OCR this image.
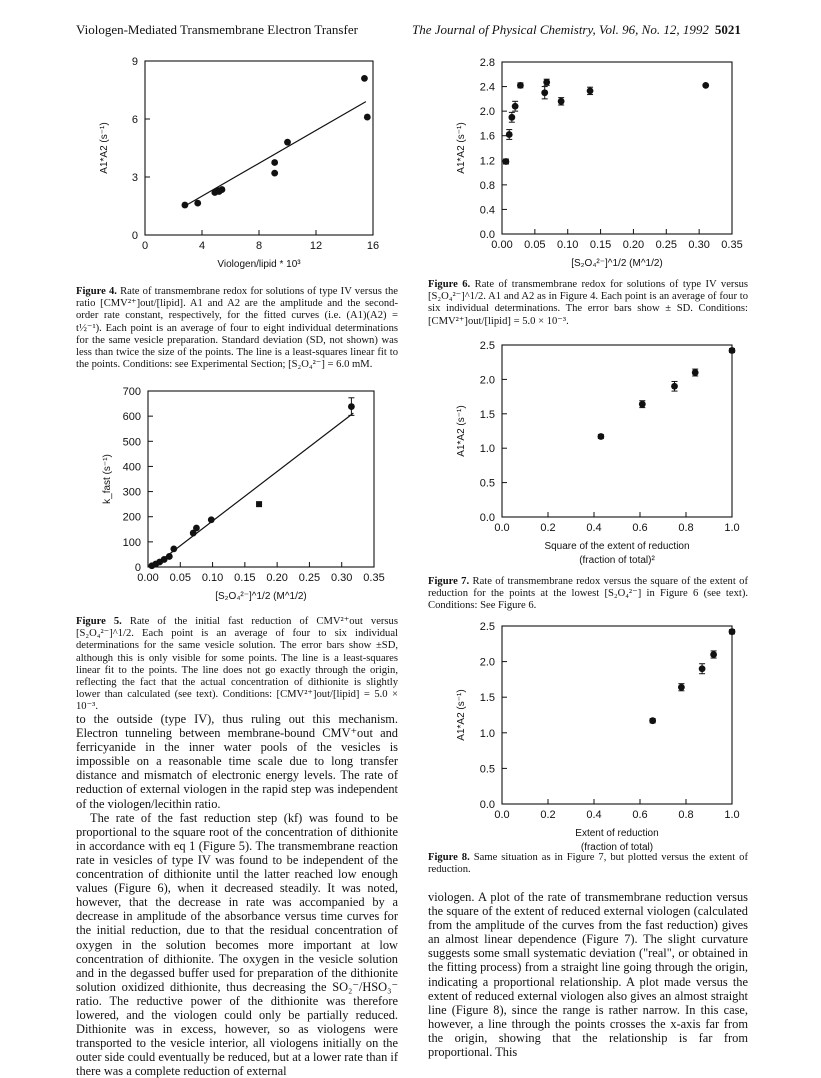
Viologen-Mediated Transmembrane Electron Transfer	The Journal of Physical Chemistry, Vol. 96, No. 12, 1992 5021
0	4	8	12	16
0
3
6
9
Viologen/lipid * 10³
A1*A2 (s⁻¹)
Figure 4. Rate of transmembrane redox for solutions of type IV versus the ratio [CMV²⁺]out/[lipid]. A1 and A2 are the amplitude and the second-order rate constant, respectively, for the fitted curves (i.e. (A1)(A2) = t½⁻¹). Each point is an average of four to eight individual determinations for the same vesicle preparation. Standard deviation (SD, not shown) was less than twice the size of the points. The line is a least-squares linear fit to the points. Conditions: see Experimental Section; [S₂O₄²⁻] = 6.0 mM.
0.00 0.05 0.10 0.15 0.20 0.25 0.30 0.35
0
100
200
300
400
500
600
700
[S₂O₄²⁻]^1/2 (M^1/2)
k_fast (s⁻¹)
Figure 5. Rate of the initial fast reduction of CMV²⁺out versus [S₂O₄²⁻]^1/2. Each point is an average of four to six individual determinations for the same vesicle solution. The error bars show ±SD, although this is only visible for some points. The line is a least-squares linear fit to the points. The line does not go exactly through the origin, reflecting the fact that the actual concentration of dithionite is slightly lower than calculated (see text). Conditions: [CMV²⁺]out/[lipid] = 5.0 × 10⁻³.

to the outside (type IV), thus ruling out this mechanism. Electron tunneling between membrane-bound CMV⁺out and ferricyanide in the inner water pools of the vesicles is impossible on a reasonable time scale due to long transfer distance and mismatch of electronic energy levels. The rate of reduction of external viologen in the rapid step was independent of the viologen/lecithin ratio.

The rate of the fast reduction step (kf) was found to be proportional to the square root of the concentration of dithionite in accordance with eq 1 (Figure 5). The transmembrane reaction rate in vesicles of type IV was found to be independent of the concentration of dithionite until the latter reached low enough values (Figure 6), when it decreased steadily. It was noted, however, that the decrease in rate was accompanied by a decrease in amplitude of the absorbance versus time curves for the initial reduction, due to that the residual concentration of oxygen in the solution becomes more important at low concentration of dithionite. The oxygen in the vesicle solution and in the degassed buffer used for preparation of the dithionite solution oxidized dithionite, thus decreasing the SO₂⁻/HSO₃⁻ ratio. The reductive power of the dithionite was therefore lowered, and the viologen could only be partially reduced. Dithionite was in excess, however, so as viologens were transported to the vesicle interior, all viologens initially on the outer side could eventually be reduced, but at a lower rate than if there was a complete reduction of external

0.00 0.05 0.10 0.15 0.20 0.25 0.30 0.35
0.0
0.4
0.8
1.2
1.6
2.0
2.4
2.8
[S₂O₄²⁻]^1/2 (M^1/2)
A1*A2 (s⁻¹)
Figure 6. Rate of transmembrane redox for solutions of type IV versus [S₂O₄²⁻]^1/2. A1 and A2 as in Figure 4. Each point is an average of four to six individual determinations. The error bars show ± SD. Conditions: [CMV²⁺]out/[lipid] = 5.0 × 10⁻³.
0.0	0.2	0.4	0.6	0.8	1.0
0.0
0.5
1.0
1.5
2.0
2.5
Square of the extent of reduction
(fraction of total)²
A1*A2 (s⁻¹)
Figure 7. Rate of transmembrane redox versus the square of the extent of reduction for the points at the lowest [S₂O₄²⁻] in Figure 6 (see text). Conditions: See Figure 6.
0.0	0.2	0.4	0.6	0.8	1.0
0.0
0.5
1.0
1.5
2.0
2.5
Extent of reduction
(fraction of total)
A1*A2 (s⁻¹)
Figure 8. Same situation as in Figure 7, but plotted versus the extent of reduction.

viologen. A plot of the rate of transmembrane reduction versus the square of the extent of reduced external viologen (calculated from the amplitude of the curves from the fast reduction) gives an almost linear dependence (Figure 7). The slight curvature suggests some small systematic deviation ("real", or obtained in the fitting process) from a straight line going through the origin, indicating a proportional relationship. A plot made versus the extent of reduced external viologen also gives an almost straight line (Figure 8), since the range is rather narrow. In this case, however, a line through the points crosses the x-axis far from the origin, showing that the relationship is far from proportional. This
